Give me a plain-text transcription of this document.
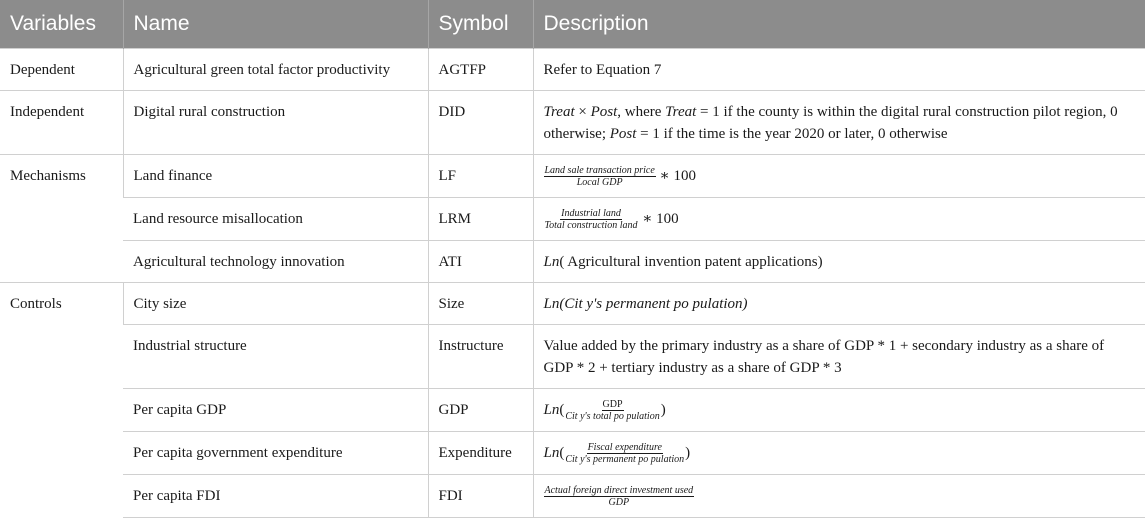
Variables	Name	Symbol	Description
Dependent	Agricultural green total factor productivity	AGTFP	Refer to Equation 7
Independent	Digital rural construction	DID	Treat × Post, where Treat = 1 if the county is within the digital rural construction pilot region, 0 otherwise; Post = 1 if the time is the year 2020 or later, 0 otherwise
Mechanisms	Land finance	LF	$\frac{\text{Land sale transaction price}}{\text{Local GDP}}$ ∗ 100
	Land resource misallocation	LRM	$\frac{\text{Industrial land}}{\text{Total construction land}}$ ∗ 100
	Agricultural technology innovation	ATI	Ln( Agricultural invention patent applications)
Controls	City size	Size	Ln(Cit y's permanent po pulation)
	Industrial structure	Instructure	Value added by the primary industry as a share of GDP * 1 + secondary industry as a share of GDP * 2 + tertiary industry as a share of GDP * 3
	Per capita GDP	GDP	$Ln( \frac{\text{GDP}}{\text{Cit y's total po pulation}}$ )
	Per capita government expenditure	Expenditure	$Ln( \frac{\text{Fiscal expenditure}}{\text{Cit y's permanent po pulation}}$ )
	Per capita FDI	FDI	$\frac{\text{Actual foreign direct investment used}}{\text{GDP}}$
